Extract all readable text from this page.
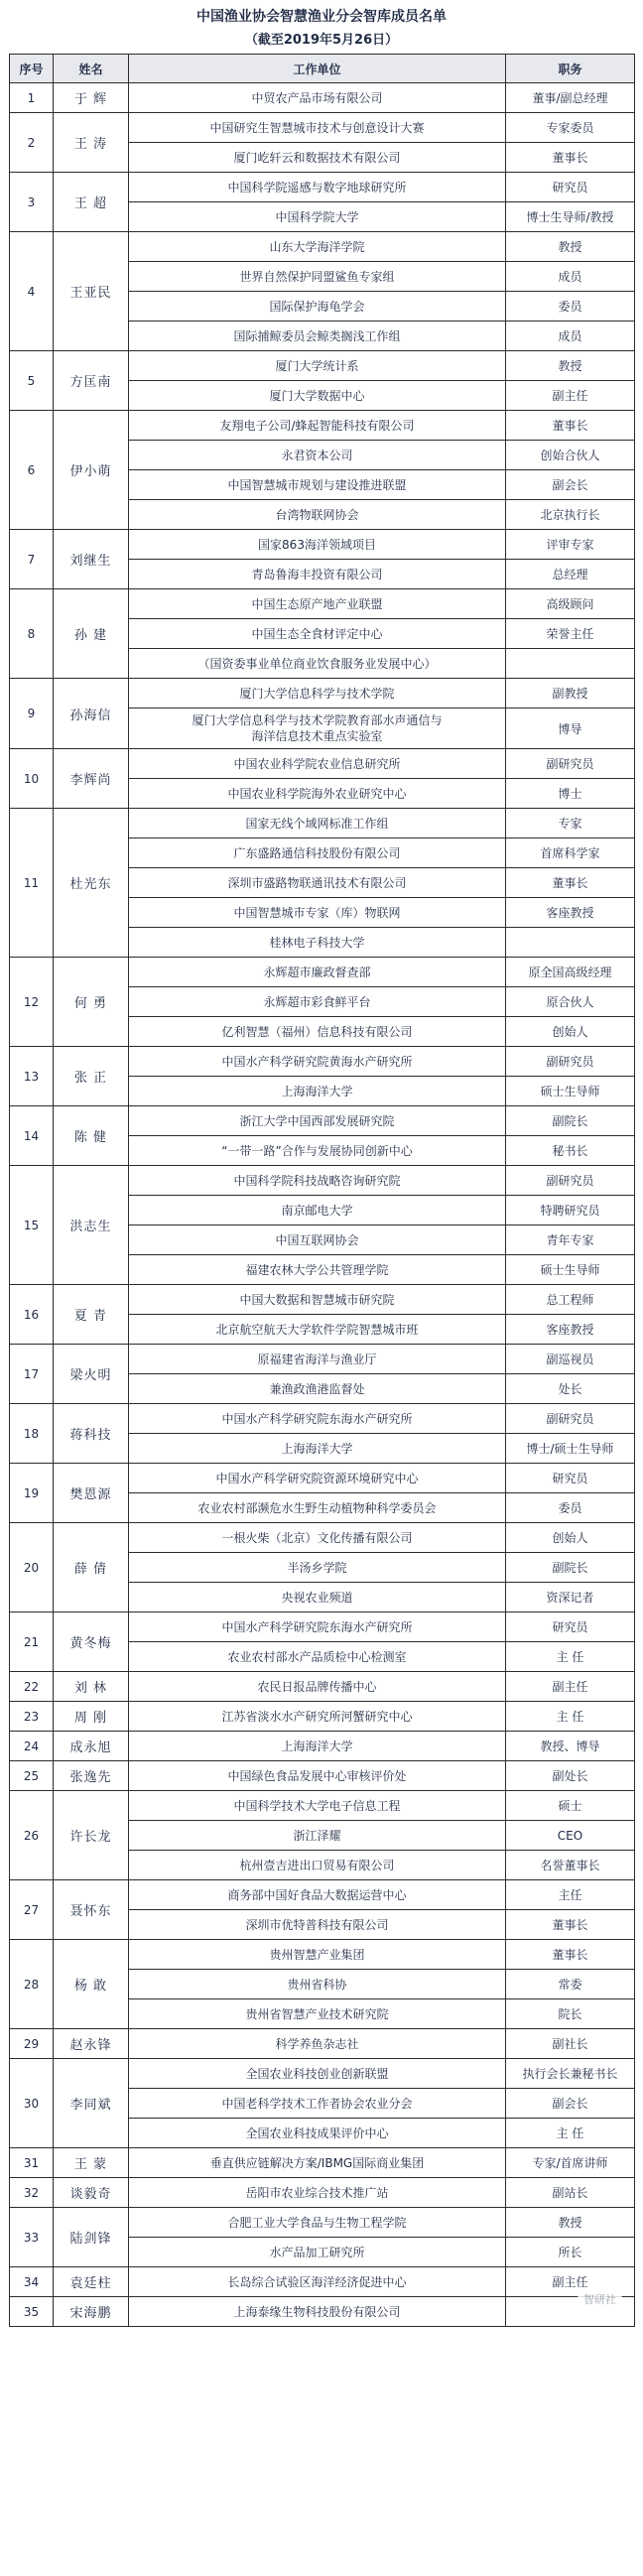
中国渔业协会智慧渔业分会智库成员名单
（截至2019年5月26日）
序号	姓名	工作单位	职务
1	于 辉	中贸农产品市场有限公司	董事/副总经理
2	王 涛	中国研究生智慧城市技术与创意设计大赛	专家委员
		厦门屹轩云和数据技术有限公司	董事长
3	王 超	中国科学院遥感与数字地球研究所	研究员
		中国科学院大学	博士生导师/教授
4	王亚民	山东大学海洋学院	教授
		世界自然保护同盟鲨鱼专家组	成员
		国际保护海龟学会	委员
		国际捕鲸委员会鲸类搁浅工作组	成员
5	方匡南	厦门大学统计系	教授
		厦门大学数据中心	副主任
6	伊小萌	友翔电子公司/蜂起智能科技有限公司	董事长
		永君资本公司	创始合伙人
		中国智慧城市规划与建设推进联盟	副会长
		台湾物联网协会	北京执行长
7	刘继生	国家863海洋领域项目	评审专家
		青岛鲁海丰投资有限公司	总经理
8	孙 建	中国生态原产地产业联盟	高级顾问
		中国生态全食材评定中心	荣誉主任
		（国资委事业单位商业饮食服务业发展中心）	
9	孙海信	厦门大学信息科学与技术学院	副教授
		厦门大学信息科学与技术学院教育部水声通信与
海洋信息技术重点实验室	博导
10	李辉尚	中国农业科学院农业信息研究所	副研究员
		中国农业科学院海外农业研究中心	博士
11	杜光东	国家无线个域网标准工作组	专家
		广东盛路通信科技股份有限公司	首席科学家
		深圳市盛路物联通讯技术有限公司	董事长
		中国智慧城市专家（库）物联网	客座教授
		桂林电子科技大学	
12	何 勇	永辉超市廉政督查部	原全国高级经理
		永辉超市彩食鲜平台	原合伙人
		亿利智慧（福州）信息科技有限公司	创始人
13	张 正	中国水产科学研究院黄海水产研究所	副研究员
		上海海洋大学	硕士生导师
14	陈 健	浙江大学中国西部发展研究院	副院长
		“一带一路”合作与发展协同创新中心	秘书长
15	洪志生	中国科学院科技战略咨询研究院	副研究员
		南京邮电大学	特聘研究员
		中国互联网协会	青年专家
		福建农林大学公共管理学院	硕士生导师
16	夏 青	中国大数据和智慧城市研究院	总工程师
		北京航空航天大学软件学院智慧城市班	客座教授
17	梁火明	原福建省海洋与渔业厅	副巡视员
		兼渔政渔港监督处	处长
18	蒋科技	中国水产科学研究院东海水产研究所	副研究员
		上海海洋大学	博士/硕士生导师
19	樊恩源	中国水产科学研究院资源环境研究中心	研究员
		农业农村部濒危水生野生动植物种科学委员会	委员
20	薛 倩	一根火柴（北京）文化传播有限公司	创始人
		半汤乡学院	副院长
		央视农业频道	资深记者
21	黄冬梅	中国水产科学研究院东海水产研究所	研究员
		农业农村部水产品质检中心检测室	主 任
22	刘 林	农民日报品牌传播中心	副主任
23	周 刚	江苏省淡水水产研究所河蟹研究中心	主 任
24	成永旭	上海海洋大学	教授、博导
25	张逸先	中国绿色食品发展中心审核评价处	副处长
26	许长龙	中国科学技术大学电子信息工程	硕士
		浙江泽耀	CEO
		杭州壹吉进出口贸易有限公司	名誉董事长
27	聂怀东	商务部中国好食品大数据运营中心	主任
		深圳市优特普科技有限公司	董事长
28	杨 敢	贵州智慧产业集团	董事长
		贵州省科协	常委
		贵州省智慧产业技术研究院	院长
29	赵永锋	科学养鱼杂志社	副社长
30	李同斌	全国农业科技创业创新联盟	执行会长兼秘书长
		中国老科学技术工作者协会农业分会	副会长
		全国农业科技成果评价中心	主 任
31	王 蒙	垂直供应链解决方案/IBMG国际商业集团	专家/首席讲师
32	谈毅奇	岳阳市农业综合技术推广站	副站长
33	陆剑锋	合肥工业大学食品与生物工程学院	教授
		水产品加工研究所	所长
34	袁廷柱	长岛综合试验区海洋经济促进中心	副主任
35	宋海鹏	上海泰缘生物科技股份有限公司	
智研社
